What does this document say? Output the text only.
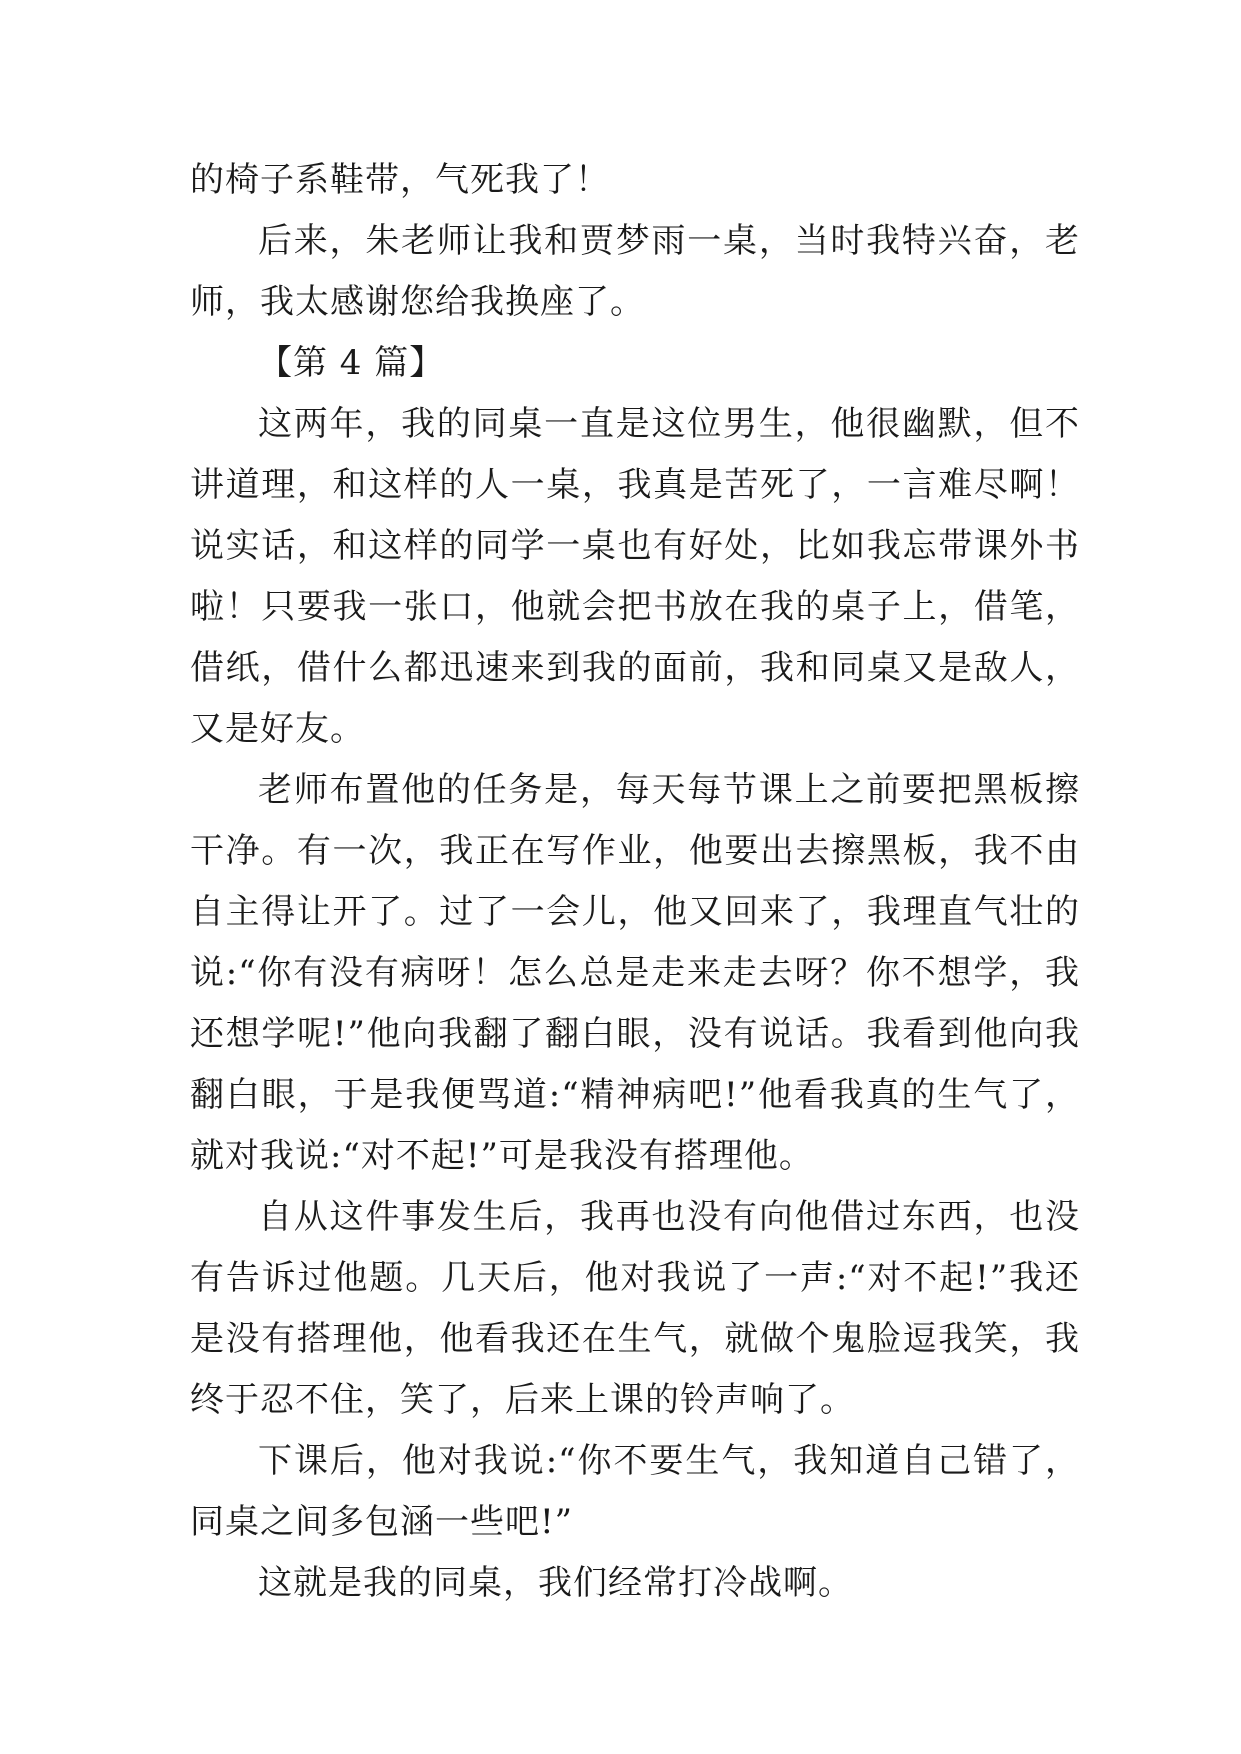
的椅子系鞋带，气死我了！

后来，朱老师让我和贾梦雨一桌，当时我特兴奋，老师，我太感谢您给我换座了。

【第 4 篇】

这两年，我的同桌一直是这位男生，他很幽默，但不讲道理，和这样的人一桌，我真是苦死了，一言难尽啊！说实话，和这样的同学一桌也有好处，比如我忘带课外书啦！只要我一张口，他就会把书放在我的桌子上，借笔，借纸，借什么都迅速来到我的面前，我和同桌又是敌人，又是好友。

老师布置他的任务是，每天每节课上之前要把黑板擦干净。有一次，我正在写作业，他要出去擦黑板，我不由自主得让开了。过了一会儿，他又回来了，我理直气壮的说:“你有没有病呀！怎么总是走来走去呀？你不想学，我还想学呢!”他向我翻了翻白眼，没有说话。我看到他向我翻白眼，于是我便骂道:“精神病吧!”他看我真的生气了，就对我说:“对不起!”可是我没有搭理他。

自从这件事发生后，我再也没有向他借过东西，也没有告诉过他题。几天后，他对我说了一声:“对不起!”我还是没有搭理他，他看我还在生气，就做个鬼脸逗我笑，我终于忍不住，笑了，后来上课的铃声响了。

下课后，他对我说:“你不要生气，我知道自己错了，同桌之间多包涵一些吧!”

这就是我的同桌，我们经常打冷战啊。
